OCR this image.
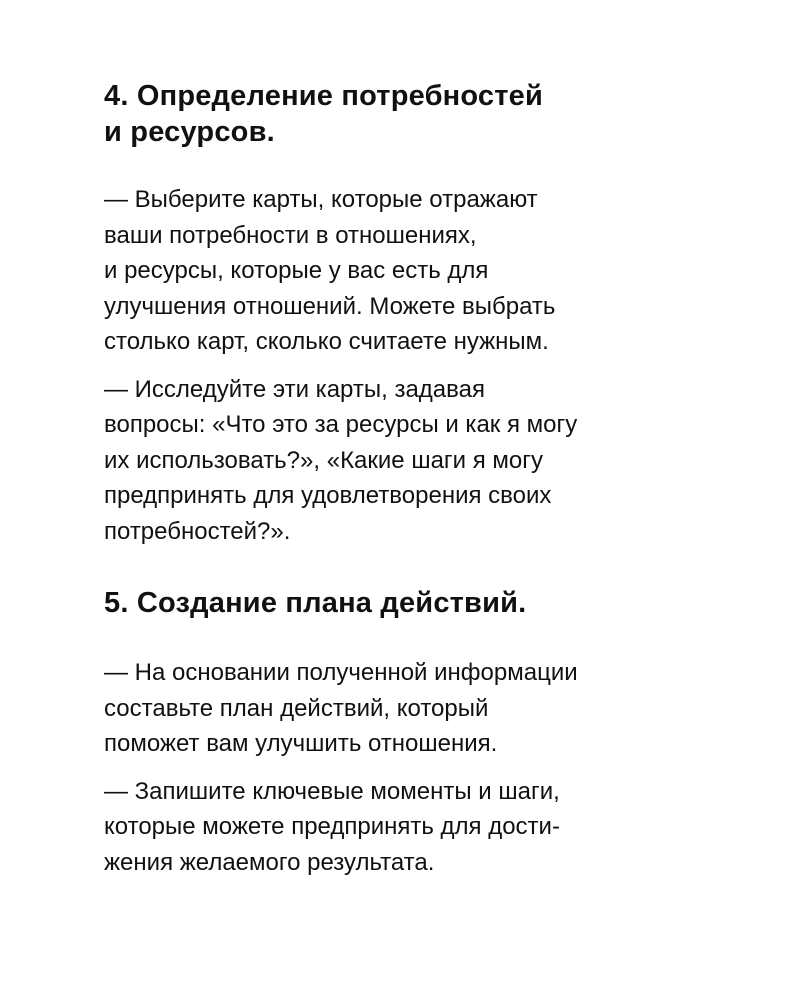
4. Определение потребностей
и ресурсов.

— Выберите карты, которые отражают
ваши потребности в отношениях,
и ресурсы, которые у вас есть для
улучшения отношений. Можете выбрать
столько карт, сколько считаете нужным.

— Исследуйте эти карты, задавая
вопросы: «Что это за ресурсы и как я могу
их использовать?», «Какие шаги я могу
предпринять для удовлетворения своих
потребностей?».

5. Создание плана действий.

— На основании полученной информации
составьте план действий, который
поможет вам улучшить отношения.

— Запишите ключевые моменты и шаги,
которые можете предпринять для дости-
жения желаемого результата.
